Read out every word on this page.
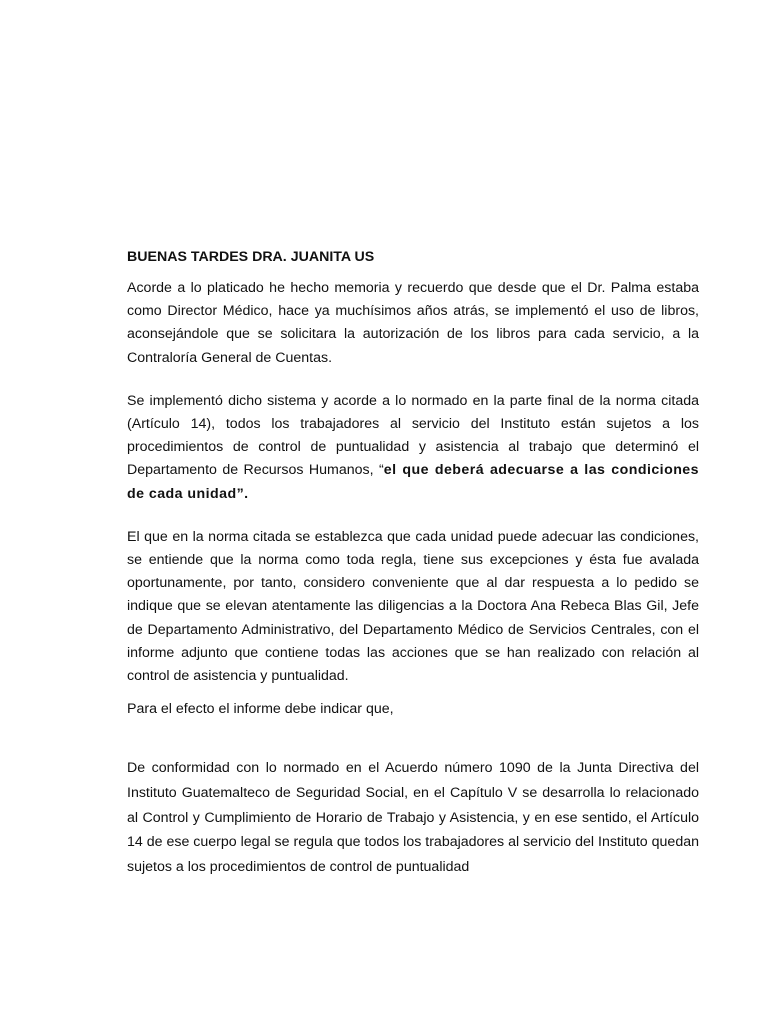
BUENAS TARDES DRA. JUANITA US

Acorde a lo platicado he hecho memoria y recuerdo que desde que el Dr. Palma estaba como Director Médico, hace ya muchísimos años atrás, se implementó el uso de libros, aconsejándole que se solicitara la autorización de los libros para cada servicio, a la Contraloría General de Cuentas.

Se implementó dicho sistema y acorde a lo normado en la parte final de la norma citada (Artículo 14), todos los trabajadores al servicio del Instituto están sujetos a los procedimientos de control de puntualidad y asistencia al trabajo que determinó el Departamento de Recursos Humanos, “el que deberá adecuarse a las condiciones de cada unidad”.

El que en la norma citada se establezca que cada unidad puede adecuar las condiciones, se entiende que la norma como toda regla, tiene sus excepciones y ésta fue avalada oportunamente, por tanto, considero conveniente que al dar respuesta a lo pedido se indique que se elevan atentamente las diligencias a la Doctora Ana Rebeca Blas Gil, Jefe de Departamento Administrativo, del Departamento Médico de Servicios Centrales, con el informe adjunto que contiene todas las acciones que se han realizado con relación al control de asistencia y puntualidad.

Para el efecto el informe debe indicar que,

De conformidad con lo normado en el Acuerdo número 1090 de la Junta Directiva del Instituto Guatemalteco de Seguridad Social, en el Capítulo V se desarrolla lo relacionado al Control y Cumplimiento de Horario de Trabajo y Asistencia, y en ese sentido, el Artículo 14 de ese cuerpo legal se regula que todos los trabajadores al servicio del Instituto quedan sujetos a los procedimientos de control de puntualidad
